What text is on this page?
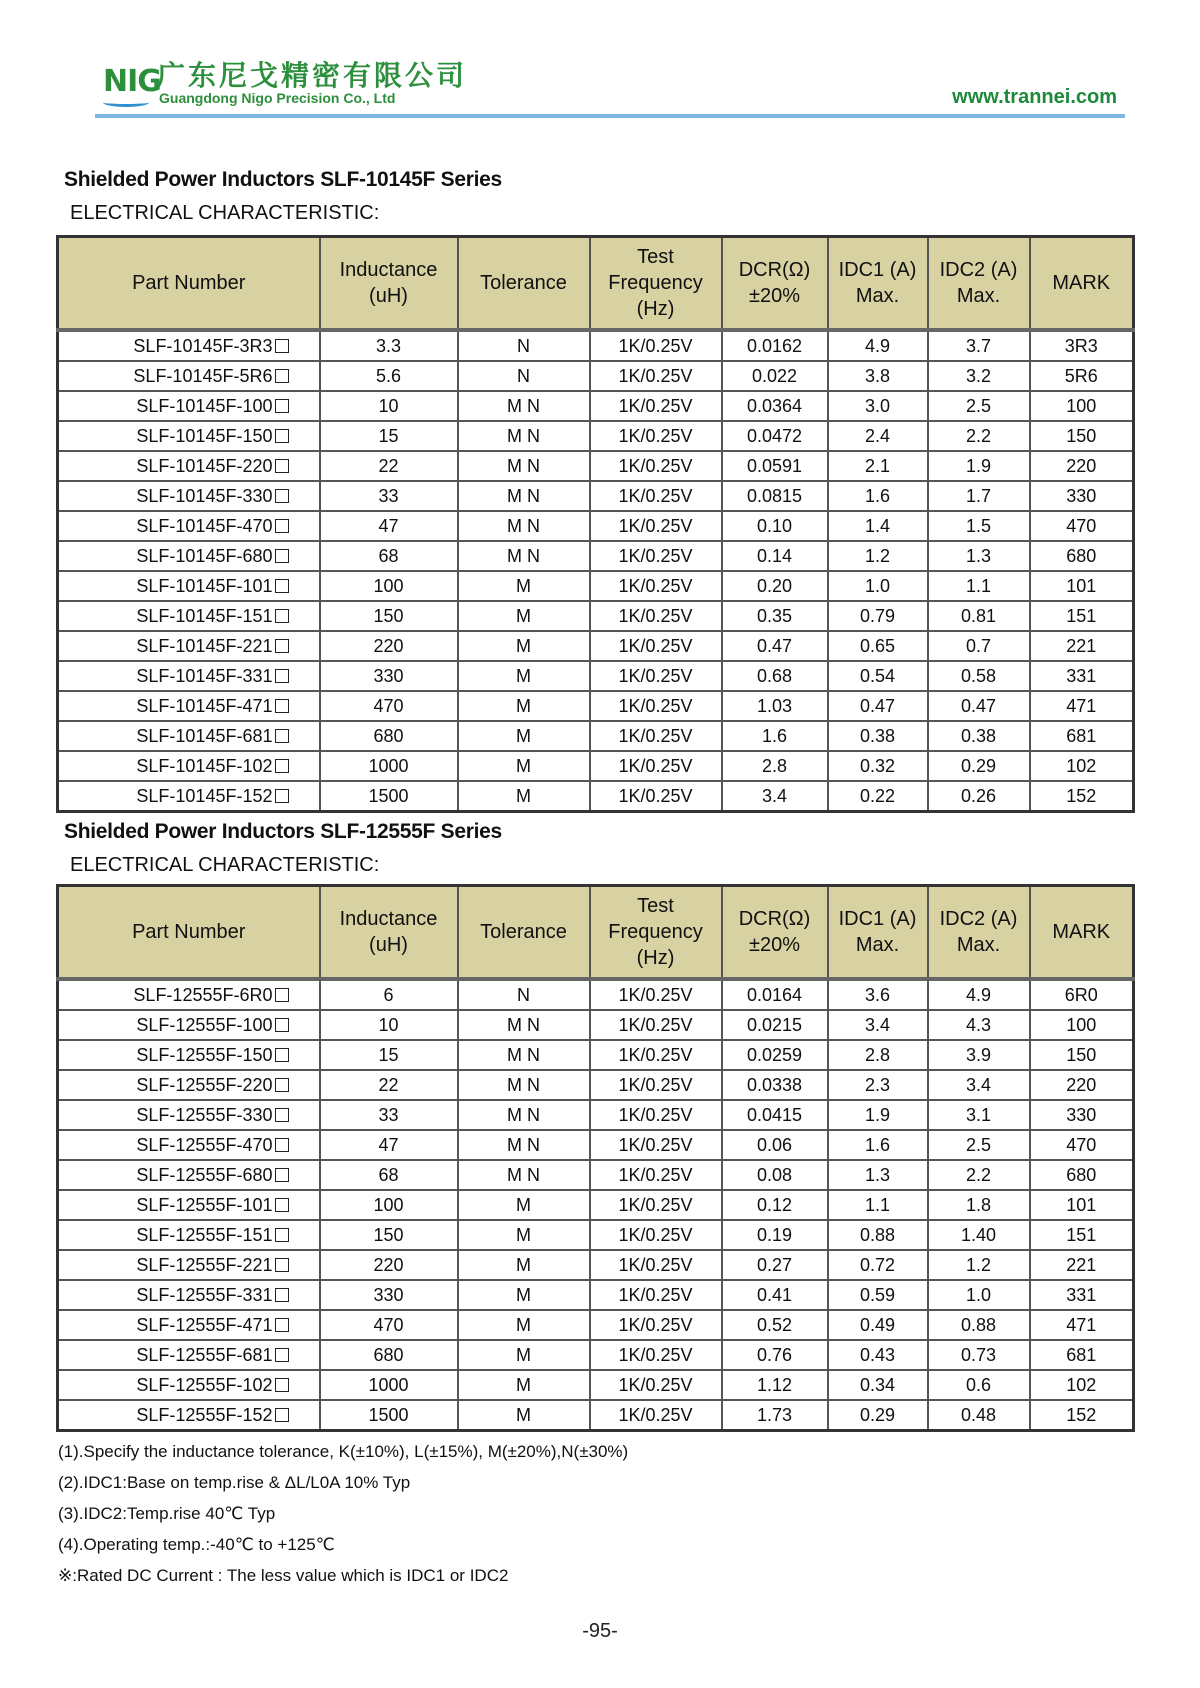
NIG
广东尼戈精密有限公司
Guangdong Nigo Precision Co., Ltd	www.trannei.com
Shielded Power Inductors SLF-10145F Series
ELECTRICAL CHARACTERISTIC:
Part Number	Inductance (uH)	Tolerance	Test Frequency (Hz)	DCR(Ω) ±20%	IDC1 (A) Max.	IDC2 (A) Max.	MARK
SLF-10145F-3R3	3.3	N	1K/0.25V	0.0162	4.9	3.7	3R3
SLF-10145F-5R6	5.6	N	1K/0.25V	0.022	3.8	3.2	5R6
SLF-10145F-100	10	M N	1K/0.25V	0.0364	3.0	2.5	100
SLF-10145F-150	15	M N	1K/0.25V	0.0472	2.4	2.2	150
SLF-10145F-220	22	M N	1K/0.25V	0.0591	2.1	1.9	220
SLF-10145F-330	33	M N	1K/0.25V	0.0815	1.6	1.7	330
SLF-10145F-470	47	M N	1K/0.25V	0.10	1.4	1.5	470
SLF-10145F-680	68	M N	1K/0.25V	0.14	1.2	1.3	680
SLF-10145F-101	100	M	1K/0.25V	0.20	1.0	1.1	101
SLF-10145F-151	150	M	1K/0.25V	0.35	0.79	0.81	151
SLF-10145F-221	220	M	1K/0.25V	0.47	0.65	0.7	221
SLF-10145F-331	330	M	1K/0.25V	0.68	0.54	0.58	331
SLF-10145F-471	470	M	1K/0.25V	1.03	0.47	0.47	471
SLF-10145F-681	680	M	1K/0.25V	1.6	0.38	0.38	681
SLF-10145F-102	1000	M	1K/0.25V	2.8	0.32	0.29	102
SLF-10145F-152	1500	M	1K/0.25V	3.4	0.22	0.26	152
Shielded Power Inductors SLF-12555F Series
ELECTRICAL CHARACTERISTIC:
Part Number	Inductance (uH)	Tolerance	Test Frequency (Hz)	DCR(Ω) ±20%	IDC1 (A) Max.	IDC2 (A) Max.	MARK
SLF-12555F-6R0	6	N	1K/0.25V	0.0164	3.6	4.9	6R0
SLF-12555F-100	10	M N	1K/0.25V	0.0215	3.4	4.3	100
SLF-12555F-150	15	M N	1K/0.25V	0.0259	2.8	3.9	150
SLF-12555F-220	22	M N	1K/0.25V	0.0338	2.3	3.4	220
SLF-12555F-330	33	M N	1K/0.25V	0.0415	1.9	3.1	330
SLF-12555F-470	47	M N	1K/0.25V	0.06	1.6	2.5	470
SLF-12555F-680	68	M N	1K/0.25V	0.08	1.3	2.2	680
SLF-12555F-101	100	M	1K/0.25V	0.12	1.1	1.8	101
SLF-12555F-151	150	M	1K/0.25V	0.19	0.88	1.40	151
SLF-12555F-221	220	M	1K/0.25V	0.27	0.72	1.2	221
SLF-12555F-331	330	M	1K/0.25V	0.41	0.59	1.0	331
SLF-12555F-471	470	M	1K/0.25V	0.52	0.49	0.88	471
SLF-12555F-681	680	M	1K/0.25V	0.76	0.43	0.73	681
SLF-12555F-102	1000	M	1K/0.25V	1.12	0.34	0.6	102
SLF-12555F-152	1500	M	1K/0.25V	1.73	0.29	0.48	152
(1).Specify the inductance tolerance, K(±10%), L(±15%), M(±20%),N(±30%)
(2).IDC1:Base on temp.rise & ΔL/L0A 10% Typ
(3).IDC2:Temp.rise 40℃ Typ
(4).Operating temp.:-40℃ to +125℃
※:Rated DC Current : The less value which is IDC1 or IDC2
-95-
